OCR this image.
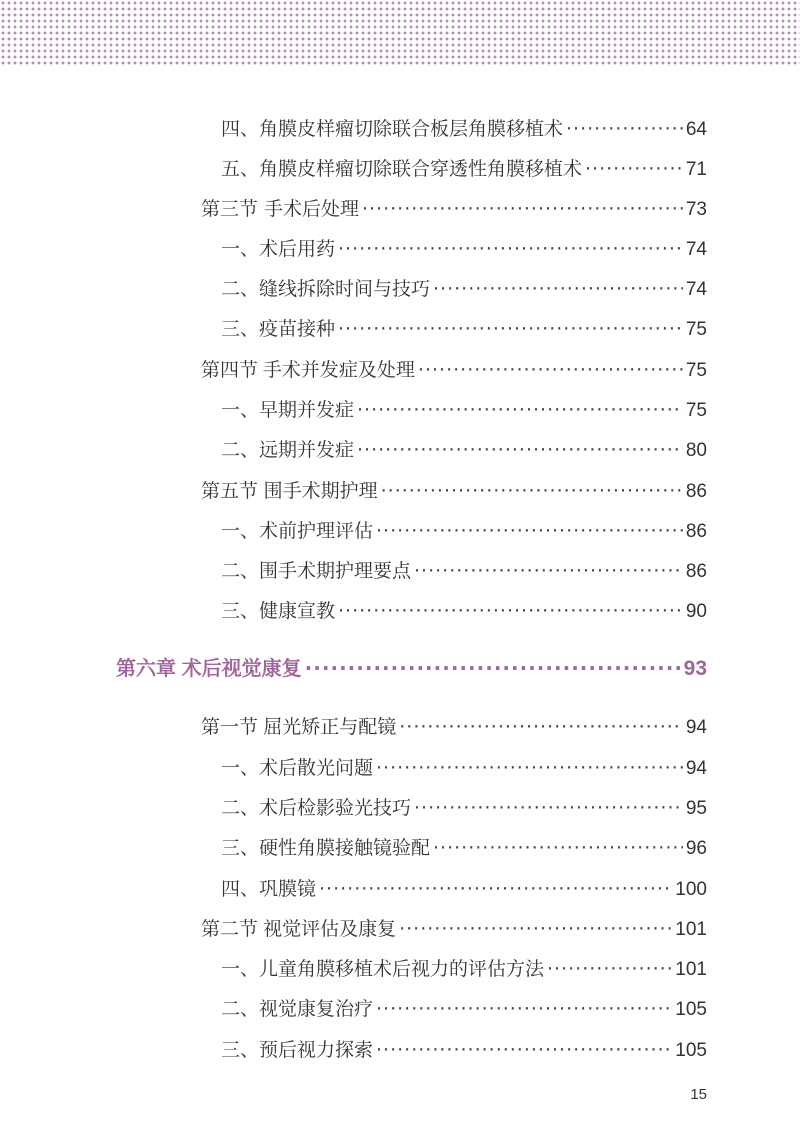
四、角膜皮样瘤切除联合板层角膜移植术 ·····	64
五、角膜皮样瘤切除联合穿透性角膜移植术 ·····	71
第三节 手术后处理 ·····	73
一、术后用药 ·····	74
二、缝线拆除时间与技巧 ·····	74
三、疫苗接种 ·····	75
第四节 手术并发症及处理 ·····	75
一、早期并发症 ·····	75
二、远期并发症 ·····	80
第五节 围手术期护理 ·····	86
一、术前护理评估 ·····	86
二、围手术期护理要点 ·····	86
三、健康宣教 ·····	90
第六章 术后视觉康复 ·····	93
第一节 屈光矫正与配镜 ·····	94
一、术后散光问题 ·····	94
二、术后检影验光技巧 ·····	95
三、硬性角膜接触镜验配 ·····	96
四、巩膜镜 ·····	100
第二节 视觉评估及康复 ·····	101
一、儿童角膜移植术后视力的评估方法 ·····	101
二、视觉康复治疗 ·····	105
三、预后视力探索 ·····	105
15
